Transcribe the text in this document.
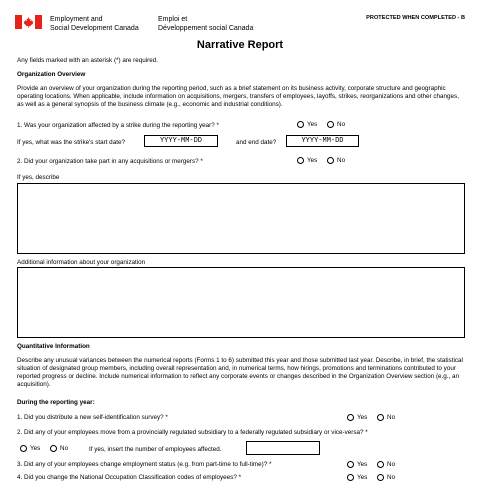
Employment and
Social Development Canada
Emploi et
Développement social Canada
PROTECTED WHEN COMPLETED - B
Narrative Report
Any fields marked with an asterisk (*) are required.
Organization Overview
Provide an overview of your organization during the reporting period, such as a brief statement on its business activity, corporate structure and geographic operating locations. When applicable, include information on acquisitions, mergers, transfers of employees, layoffs, strikes, reorganizations and other changes, as well as a general synopsis of the business climate (e.g., economic and industrial conditions).
1. Was your organization affected by a strike during the reporting year? *	Yes	No
If yes, what was the strike's start date?	YYYY-MM-DD	and end date?	YYYY-MM-DD
2. Did your organization take part in any acquisitions or mergers? *	Yes	No
If yes, describe
Additional information about your organization
Quantitative Information
Describe any unusual variances between the numerical reports (Forms 1 to 6) submitted this year and those submitted last year. Describe, in brief, the statistical situation of designated group members, including overall representation and, in numerical terms, how hirings, promotions and terminations contributed to your reported progress or decline. Include numerical information to reflect any corporate events or changes described in the Organization Overview section (e.g., an acquisition).
During the reporting year:
1. Did you distribute a new self-identification survey? *	Yes	No
2. Did any of your employees move from a provincially regulated subsidiary to a federally regulated subsidiary or vice-versa? *
Yes	No	If yes, insert the number of employees affected.
3. Did any of your employees change employment status (e.g. from part-time to full-time)? *	Yes	No
4. Did you change the National Occupation Classification codes of employees? *	Yes	No
